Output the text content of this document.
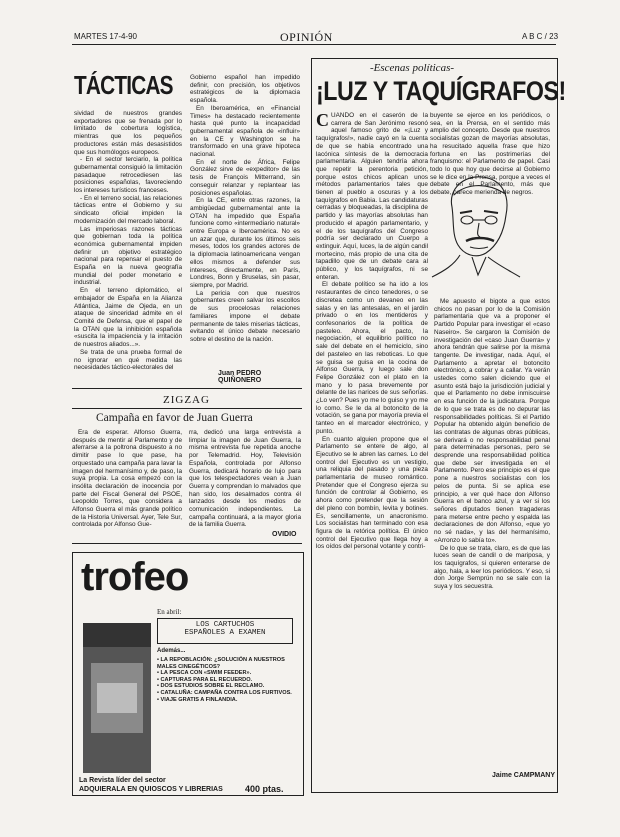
MARTES 17-4-90	OPINIÓN	A B C / 23
TÁCTICAS

sividad de nuestros grandes exportadores que se frenada por lo limitado de cobertura logística, mientras que los pequeños productores están más desasistidos que sus homólogos europeos.

- En el sector terciario, la política gubernamental consiguió la limitación pasadaque retrocediesen las posiciones españolas, favoreciendo los intereses turísticos franceses.

- En el terreno social, las relaciones tácticas entre el Gobierno y su sindicato oficial impiden la modernización del mercado laboral.

Las imperiosas razones tácticas que gobiernan toda la política económica gubernamental impiden definir un objetivo estratégico nacional para repensar el puesto de España en la nueva geografía mundial del poder monetario e industrial.

En el terreno diplomático, el embajador de España en la Alianza Atlántica, Jaime de Ojeda, en un ataque de sinceridad admite en el Comité de Defensa, que el papel de la OTAN que la inhibición española «suscita la impaciencia y la irritación de nuestros aliados...».

Se trata de una prueba formal de no ignorar en qué medida las necesidades táctico-electorales del

Gobierno español han impedido definir, con precisión, los objetivos estratégicos de la diplomacia española.

En Iberoamérica, en «Financial Times» ha destacado recientemente hasta qué punto la incapacidad gubernamental española de «influir» en la CE y Washington se ha transformado en una grave hipoteca nacional.

En el norte de África, Felipe González sirve de «expeditor» de las tesis de François Mitterrand, sin conseguir relanzar y replantear las posiciones españolas.

En la CE, entre otras razones, la ambigüedad gubernamental ante la OTAN ha impedido que España funcione como «intermediario natural» entre Europa e Iberoamérica. No es un azar que, durante los últimos seis meses, todos los grandes actores de la diplomacia latinoamericana vengan ellos mismos a defender sus intereses, directamente, en París, Londres, Bonn y Bruselas, sin pasar, siempre, por Madrid.

La pericia con que nuestros gobernantes creen salvar los escollos de sus procelosas relaciones familiares impone el debate permanente de tales miserias tácticas, evitando el único debate necesario sobre el destino de la nación.

Juan PEDRO QUIÑONERO
ZIGZAG
Campaña en favor de Juan Guerra

Era de esperar. Alfonso Guerra, después de mentir al Parlamento y de aferrarse a la poltrona dispuesto a no dimitir pase lo que pase, ha orquestado una campaña para lavar la imagen del hermanísimo y, de paso, la suya propia. La cosa empezó con la insólita declaración de inocencia por parte del Fiscal General del PSOE, Leopoldo Torres, que considera a Alfonso Guerra el más grande político de la Historia Universal. Ayer, Tele Sur, controlada por Alfonso Gue-

rra, dedicó una larga entrevista a limpiar la imagen de Juan Guerra, la misma entrevista fue repetida anoche por Telemadrid. Hoy, Televisión Española, controlada por Alfonso Guerra, dedicará horario de lujo para que los telespectadores vean a Juan Guerra y comprendan lo malvados que han sido, los desalmados contra él lanzados desde los medios de comunicación independientes. La campaña continuará, a la mayor gloria de la familia Guerra.

OVIDIO
trofeo
En abril:
LOS CARTUCHOS
ESPAÑOLES A EXAMEN
Además...
• LA REPOBLACIÓN: ¿SOLUCIÓN A NUESTROS MALES CINEGÉTICOS?
• LA PESCA CON «SWIM FEEDER».
• CAPTURAS PARA EL RECUERDO.
• DOS ESTUDIOS SOBRE EL RECLAMO.
• CATALUÑA: CAMPAÑA CONTRA LOS FURTIVOS.
• VIAJE GRATIS A FINLANDIA.
La Revista líder del sector
ADQUIERALA EN QUIOSCOS Y LIBRERIAS 400 ptas.
-Escenas políticas-
¡LUZ Y TAQUÍGRAFOS!

CUANDO en el caserón de la carrera de San Jerónimo resonó aquel famoso grito de «¡Luz y taquígrafos!», nadie cayó en la cuenta de que se había encontrado una lacónica síntesis de la democracia parlamentaria. Alguien tendría ahora que repetir la perentoria petición, porque estos chicos aplican unos métodos parlamentarios tales que tienen al pueblo a oscuras y a los taquígrafos en Babia. Las candidaturas cerradas y bloqueadas, la disciplina de partido y las mayorías absolutas han producido el apagón parlamentario, y el de los taquígrafos del Congreso podría ser declarado un Cuerpo a extinguir. Aquí, luces, la de algún candil mortecino, más propio de una cita de tapadillo que de un debate cara al público, y los taquígrafos, ni se enteran.

El debate político se ha ido a los restaurantes de cinco tenedores, o se discretea como un devaneo en las salas y en las antesalas, en el jardín privado o en los mentideros y confesonarios de la política de pasteleo. Ahora, el pacto, la negociación, el equilibrio político no sale del debate en el hemiciclo, sino del pasteleo en las reboticas. Lo que se guisa se guisa en la cocina de Alfonso Guerra, y luego sale don Felipe González con el plato en la mano y lo pasa brevemente por delante de las narices de sus señorías. ¿Lo ven? Pues yo me lo guiso y yo me lo como. Se le da al botoncito de la votación, se gana por mayoría previa el tanteo en el marcador electrónico, y punto.

En cuanto alguien propone que el Parlamento se entere de algo, al Ejecutivo se le abren las carnes. Lo del control del Ejecutivo es un vestigio, una reliquia del pasado y una pieza parlamentaria de museo romántico. Pretender que el Congreso ejerza su función de controlar al Gobierno, es ahora como pretender que la sesión del pleno con bombín, levita y botines. Es, sencillamente, un anacronismo. Los socialistas han terminado con esa figura de la retórica política. El único control del Ejecutivo que llega hoy a los oídos del personal votante y contri-

buyente se ejerce en los periódicos, o sea, en la Prensa, en el sentido más amplio del concepto. Desde que nuestros socialistas gozan de mayorías absolutas, ha resucitado aquella frase que hizo fortuna en las postrimerías del franquismo: el Parlamento de papel. Casi todo lo que hoy que decirse al Gobierno se le dice en la Prensa, porque a veces el debate en el Parlamento, más que debate, parece merienda de negros.

Me apuesto el bigote a que estos chicos no pasan por lo de la Comisión parlamentaria que va a proponer el Partido Popular para investigar el «caso Naseiro». Se cargaron la Comisión de investigación del «caso Juan Guerra» y ahora tendrán que salirse por la misma tangente. De investigar, nada. Aquí, el Parlamento a apretar el botoncito electrónico, a cobrar y a callar. Ya verán ustedes como salen diciendo que el asunto está bajo la jurisdicción judicial y que el Parlamento no debe inmiscuirse en esa función de la judicatura. Porque de lo que se trata es de no depurar las responsabilidades políticas. Si el Partido Popular ha obtenido algún beneficio de las contratas de algunas obras públicas, se derivará o no responsabilidad penal para determinadas personas, pero se desprende una responsabilidad política que debe ser investigada en el Parlamento. Pero ese principio es el que pone a nuestros socialistas con los pelos de punta. Si se aplica ese principio, a ver qué hace don Alfonso Guerra en el banco azul, y a ver si los señores diputados tienen tragaderas para meterse entre pecho y espalda las declaraciones de don Alfonso, «que yo no sé nada», y las del hermanísimo, «Arronzo lo sabía to».

De lo que se trata, claro, es de que las luces sean de candil o de mariposa, y los taquígrafos, si quieren enterarse de algo, hala, a leer los periódicos. Y eso, si don Jorge Semprún no se sale con la suya y los secuestra.

Jaime CAMPMANY
